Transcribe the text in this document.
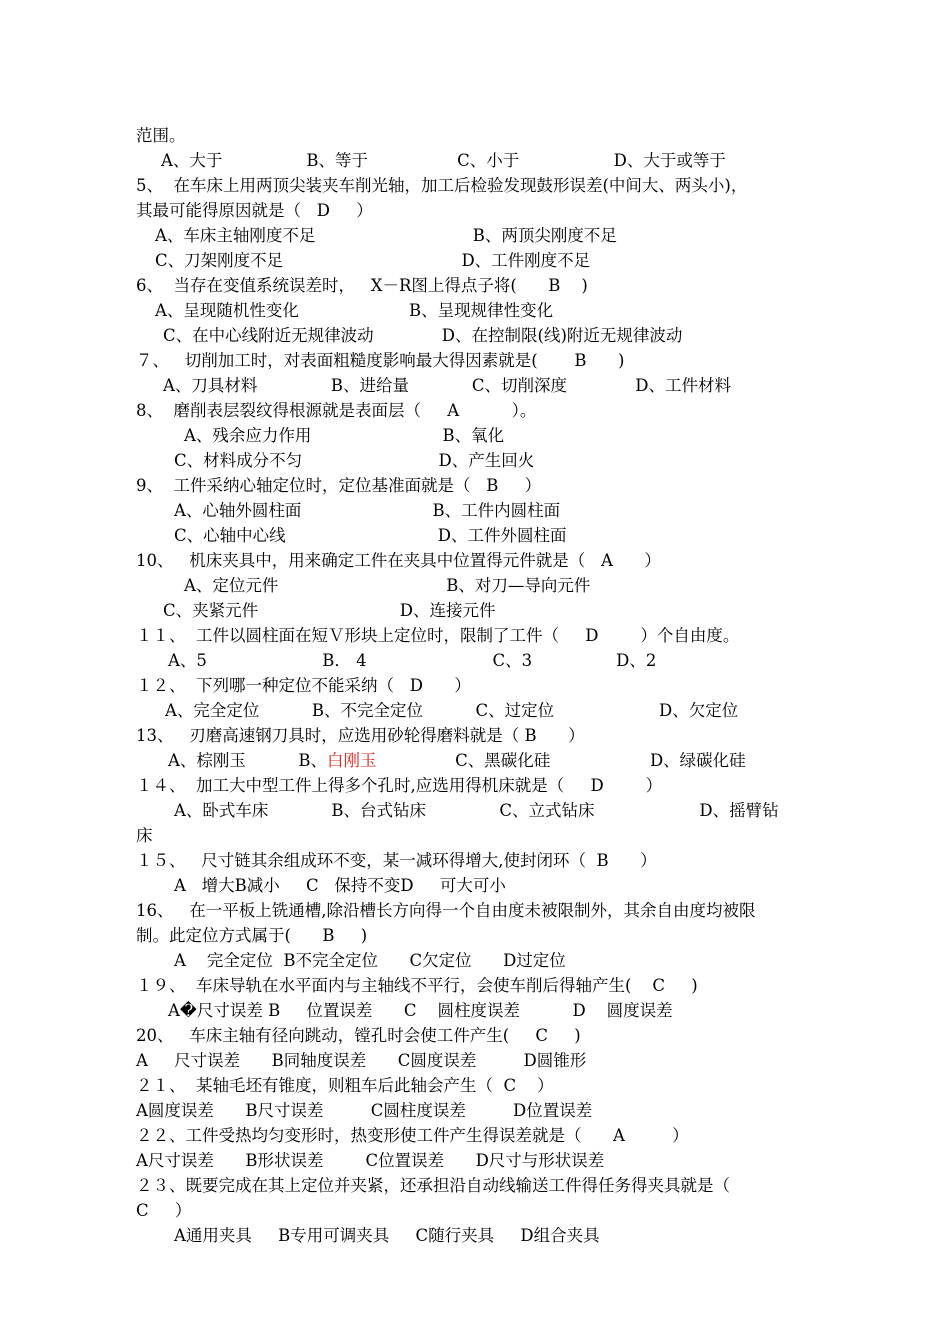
范围。
A、大于                B、等于                 C、小于                  D、大于或等于
5、  在车床上用两顶尖装夹车削光轴，加工后检验发现鼓形误差(中间大、两头小)，
其最可能得原因就是（   D     ）
A、车床主轴刚度不足                              B、两顶尖刚度不足
C、刀架刚度不足                                  D、工件刚度不足
6、  当存在变值系统误差时，   X－R图上得点子将(      B    )
A、呈现随机性变化                     B、呈现规律性变化
C、在中心线附近无规律波动             D、在控制限(线)附近无规律波动
７、   切削加工时，对表面粗糙度影响最大得因素就是(       B      )
A、刀具材料              B、进给量            C、切削深度             D、工件材料
8、  磨削表层裂纹得根源就是表面层（     A          ）。
A、残余应力作用                         B、氧化
C、材料成分不匀                          D、产生回火
9、  工件采纳心轴定位时，定位基准面就是（   B     ）
A、心轴外圆柱面                         B、工件内圆柱面
C、心轴中心线                             D、工件外圆柱面
10、   机床夹具中，用来确定工件在夹具中位置得元件就是（   A      ）
A、定位元件                                B、对刀—导向元件
C、夹紧元件                           D、连接元件
１１、  工件以圆柱面在短Ｖ形块上定位时，限制了工件（     D        ）个自由度。
A、5                      B． 4                        C、3                D、2
１２、  下列哪一种定位不能采纳（   D      ）
A、完全定位          B、不完全定位          C、过定位                    D、欠定位
13、   刃磨高速钢刀具时，应选用砂轮得磨料就是（ B      ）
A、棕刚玉          B、白刚玉               C、黑碳化硅                   D、绿碳化硅
１４、  加工大中型工件上得多个孔时,应选用得机床就是（     D        ）
A、卧式车床            B、台式钻床              C、立式钻床                    D、摇臂钻
床
１５、   尺寸链其余组成环不变，某一减环得增大,使封闭环（  B      ）
A   增大B减小     C   保持不变D     可大可小
16、   在一平板上铣通槽,除沿槽长方向得一个自由度未被限制外，其余自由度均被限
制。此定位方式属于(      B     )
A    完全定位  B不完全定位      C欠定位      D过定位
１９、  车床导轨在水平面内与主轴线不平行，会使车削后得轴产生(    C     )
A�尺寸误差 B     位置误差      C    圆柱度误差          D    圆度误差
20、   车床主轴有径向跳动，镗孔时会使工件产生(     C     )
A     尺寸误差      B同轴度误差      C圆度误差         D圆锥形
２１、  某轴毛坯有锥度，则粗车后此轴会产生（  C    ）
A圆度误差      B尺寸误差         C圆柱度误差         D位置误差
２２、工件受热均匀变形时，热变形使工件产生得误差就是（      A         ）
A尺寸误差      B形状误差        C位置误差      D尺寸与形状误差
２３、既要完成在其上定位并夹紧，还承担沿自动线输送工件得任务得夹具就是（
C     ）
A通用夹具     B专用可调夹具     C随行夹具     D组合夹具
